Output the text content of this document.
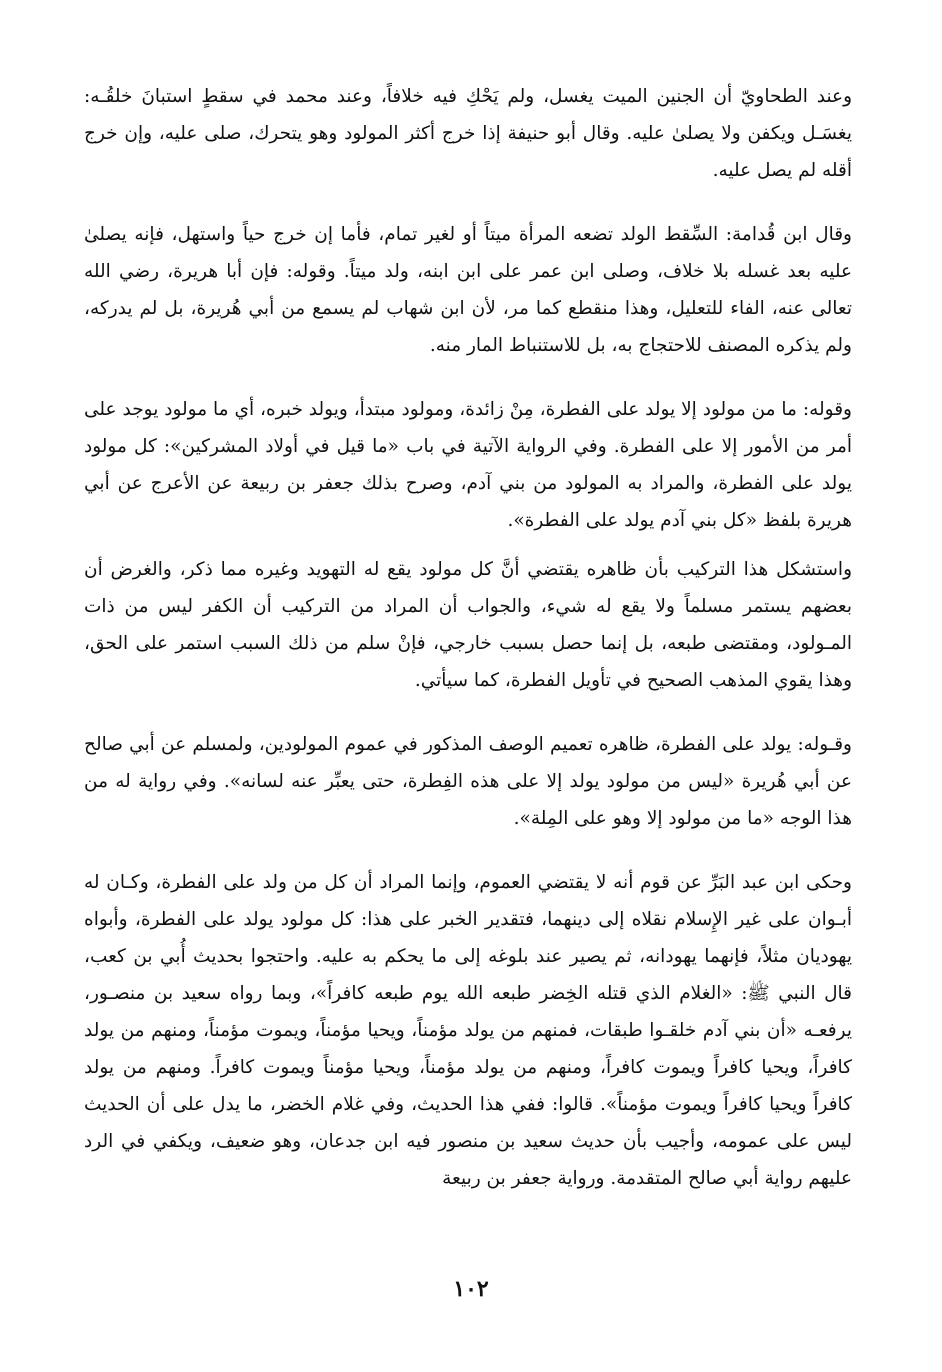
وعند الطحاويّ أن الجنين الميت يغسل، ولم يَحْكِ فيه خلافاً، وعند محمد في سقطٍ استبانَ خلقُـه: يغسَـل ويكفن ولا يصلىٰ عليه. وقال أبو حنيفة إذا خرج أكثر المولود وهو يتحرك، صلى عليه، وإن خرج أقله لم يصل عليه.

وقال ابن قُدامة: السِّقط الولد تضعه المرأة ميتاً أو لغير تمام، فأما إن خرج حياً واستهل، فإنه يصلىٰ عليه بعد غسله بلا خلاف، وصلى ابن عمر على ابن ابنه، ولد ميتاً. وقوله: فإن أبا هريرة، رضي الله تعالى عنه، الفاء للتعليل، وهذا منقطع كما مر، لأن ابن شهاب لم يسمع من أبي هُريرة، بل لم يدركه، ولم يذكره المصنف للاحتجاج به، بل للاستنباط المار منه.

وقوله: ما من مولود إلا يولد على الفطرة، مِنْ زائدة، ومولود مبتدأ، ويولد خبره، أي ما مولود يوجد على أمر من الأمور إلا على الفطرة. وفي الرواية الآتية في باب «ما قيل في أولاد المشركين»: كل مولود يولد على الفطرة، والمراد به المولود من بني آدم، وصرح بذلك جعفر بن ربيعة عن الأعرج عن أبي هريرة بلفظ «كل بني آدم يولد على الفطرة».

واستشكل هذا التركيب بأن ظاهره يقتضي أنَّ كل مولود يقع له التهويد وغيره مما ذكر، والغرض أن بعضهم يستمر مسلماً ولا يقع له شيء، والجواب أن المراد من التركيب أن الكفر ليس من ذات المـولود، ومقتضى طبعه، بل إنما حصل بسبب خارجي، فإنْ سلم من ذلك السبب استمر على الحق، وهذا يقوي المذهب الصحيح في تأويل الفطرة، كما سيأتي.

وقـوله: يولد على الفطرة، ظاهره تعميم الوصف المذكور في عموم المولودين، ولمسلم عن أبي صالح عن أبي هُريرة «ليس من مولود يولد إلا على هذه الفِطرة، حتى يعبِّر عنه لسانه». وفي رواية له من هذا الوجه «ما من مولود إلا وهو على المِلة».

وحكى ابن عبد البَرِّ عن قوم أنه لا يقتضي العموم، وإنما المراد أن كل من ولد على الفطرة، وكـان له أبـوان على غير الإِسلام نقلاه إلى دينهما، فتقدير الخبر على هذا: كل مولود يولد على الفطرة، وأبواه يهوديان مثلاً، فإنهما يهودانه، ثم يصير عند بلوغه إلى ما يحكم به عليه. واحتجوا بحديث أُبي بن كعب، قال النبي ﷺ: «الغلام الذي قتله الخِضر طبعه الله يوم طبعه كافراً»، وبما رواه سعيد بن منصـور، يرفعـه «أن بني آدم خلقـوا طبقات، فمنهم من يولد مؤمناً، ويحيا مؤمناً، ويموت مؤمناً، ومنهم من يولد كافراً، ويحيا كافراً ويموت كافراً، ومنهم من يولد مؤمناً، ويحيا مؤمناً ويموت كافراً. ومنهم من يولد كافراً ويحيا كافراً ويموت مؤمناً». قالوا: ففي هذا الحديث، وفي غلام الخضر، ما يدل على أن الحديث ليس على عمومه، وأجيب بأن حديث سعيد بن منصور فيه ابن جدعان، وهو ضعيف، ويكفي في الرد عليهم رواية أبي صالح المتقدمة. ورواية جعفر بن ربيعة

١٠٢
